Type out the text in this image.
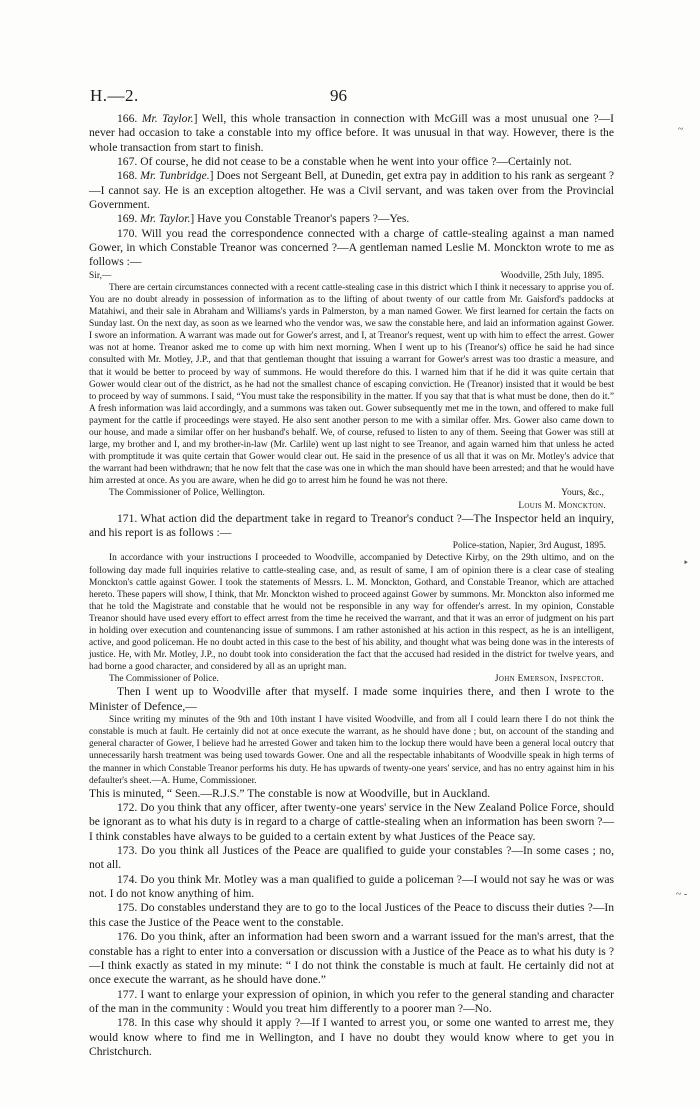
H.—2.	96
~
‣
~ -

166. Mr. Taylor.] Well, this whole transaction in connection with McGill was a most unusual one ?—I never had occasion to take a constable into my office before. It was unusual in that way. However, there is the whole transaction from start to finish.

167. Of course, he did not cease to be a constable when he went into your office ?—Certainly not.

168. Mr. Tunbridge.] Does not Sergeant Bell, at Dunedin, get extra pay in addition to his rank as sergeant ?—I cannot say. He is an exception altogether. He was a Civil servant, and was taken over from the Provincial Government.

169. Mr. Taylor.] Have you Constable Treanor's papers ?—Yes.

170. Will you read the correspondence connected with a charge of cattle-stealing against a man named Gower, in which Constable Treanor was concerned ?—A gentleman named Leslie M. Monckton wrote to me as follows :—

Sir,—	Woodville, 25th July, 1895.

There are certain circumstances connected with a recent cattle-stealing case in this district which I think it necessary to apprise you of. You are no doubt already in possession of information as to the lifting of about twenty of our cattle from Mr. Gaisford's paddocks at Matahiwi, and their sale in Abraham and Williams's yards in Palmerston, by a man named Gower. We first learned for certain the facts on Sunday last. On the next day, as soon as we learned who the vendor was, we saw the constable here, and laid an information against Gower. I swore an information. A warrant was made out for Gower's arrest, and I, at Treanor's request, went up with him to effect the arrest. Gower was not at home. Treanor asked me to come up with him next morning. When I went up to his (Treanor's) office he said he had since consulted with Mr. Motley, J.P., and that that gentleman thought that issuing a warrant for Gower's arrest was too drastic a measure, and that it would be better to proceed by way of summons. He would therefore do this. I warned him that if he did it was quite certain that Gower would clear out of the district, as he had not the smallest chance of escaping conviction. He (Treanor) insisted that it would be best to proceed by way of summons. I said, “You must take the responsibility in the matter. If you say that that is what must be done, then do it.” A fresh information was laid accordingly, and a summons was taken out. Gower subsequently met me in the town, and offered to make full payment for the cattle if proceedings were stayed. He also sent another person to me with a similar offer. Mrs. Gower also came down to our house, and made a similar offer on her husband's behalf. We, of course, refused to listen to any of them. Seeing that Gower was still at large, my brother and I, and my brother-in-law (Mr. Carlile) went up last night to see Treanor, and again warned him that unless he acted with promptitude it was quite certain that Gower would clear out. He said in the presence of us all that it was on Mr. Motley's advice that the warrant had been withdrawn; that he now felt that the case was one in which the man should have been arrested; and that he would have him arrested at once. As you are aware, when he did go to arrest him he found he was not there.

The Commissioner of Police, Wellington.	Yours, &c.,
Louis M. Monckton.

171. What action did the department take in regard to Treanor's conduct ?—The Inspector held an inquiry, and his report is as follows :—

Police-station, Napier, 3rd August, 1895.

In accordance with your instructions I proceeded to Woodville, accompanied by Detective Kirby, on the 29th ultimo, and on the following day made full inquiries relative to cattle-stealing case, and, as result of same, I am of opinion there is a clear case of stealing Monckton's cattle against Gower. I took the statements of Messrs. L. M. Monckton, Gothard, and Constable Treanor, which are attached hereto. These papers will show, I think, that Mr. Monckton wished to proceed against Gower by summons. Mr. Monckton also informed me that he told the Magistrate and constable that he would not be responsible in any way for offender's arrest. In my opinion, Constable Treanor should have used every effort to effect arrest from the time he received the warrant, and that it was an error of judgment on his part in holding over execution and countenancing issue of summons. I am rather astonished at his action in this respect, as he is an intelligent, active, and good policeman. He no doubt acted in this case to the best of his ability, and thought what was being done was in the interests of justice. He, with Mr. Motley, J.P., no doubt took into consideration the fact that the accused had resided in the district for twelve years, and had borne a good character, and considered by all as an upright man.

The Commissioner of Police.	John Emerson, Inspector.

Then I went up to Woodville after that myself. I made some inquiries there, and then I wrote to the Minister of Defence,—

Since writing my minutes of the 9th and 10th instant I have visited Woodville, and from all I could learn there I do not think the constable is much at fault. He certainly did not at once execute the warrant, as he should have done ; but, on account of the standing and general character of Gower, I believe had he arrested Gower and taken him to the lockup there would have been a general local outcry that unnecessarily harsh treatment was being used towards Gower. One and all the respectable inhabitants of Woodville speak in high terms of the manner in which Constable Treanor performs his duty. He has upwards of twenty-one years' service, and has no entry against him in his defaulter's sheet.—A. Hume, Commissioner.

This is minuted, “ Seen.—R.J.S.” The constable is now at Woodville, but in Auckland.

172. Do you think that any officer, after twenty-one years' service in the New Zealand Police Force, should be ignorant as to what his duty is in regard to a charge of cattle-stealing when an information has been sworn ?—I think constables have always to be guided to a certain extent by what Justices of the Peace say.

173. Do you think all Justices of the Peace are qualified to guide your constables ?—In some cases ; no, not all.

174. Do you think Mr. Motley was a man qualified to guide a policeman ?—I would not say he was or was not. I do not know anything of him.

175. Do constables understand they are to go to the local Justices of the Peace to discuss their duties ?—In this case the Justice of the Peace went to the constable.

176. Do you think, after an information had been sworn and a warrant issued for the man's arrest, that the constable has a right to enter into a conversation or discussion with a Justice of the Peace as to what his duty is ?—I think exactly as stated in my minute: “ I do not think the constable is much at fault. He certainly did not at once execute the warrant, as he should have done.”

177. I want to enlarge your expression of opinion, in which you refer to the general standing and character of the man in the community : Would you treat him differently to a poorer man ?—No.

178. In this case why should it apply ?—If I wanted to arrest you, or some one wanted to arrest me, they would know where to find me in Wellington, and I have no doubt they would know where to get you in Christchurch.
